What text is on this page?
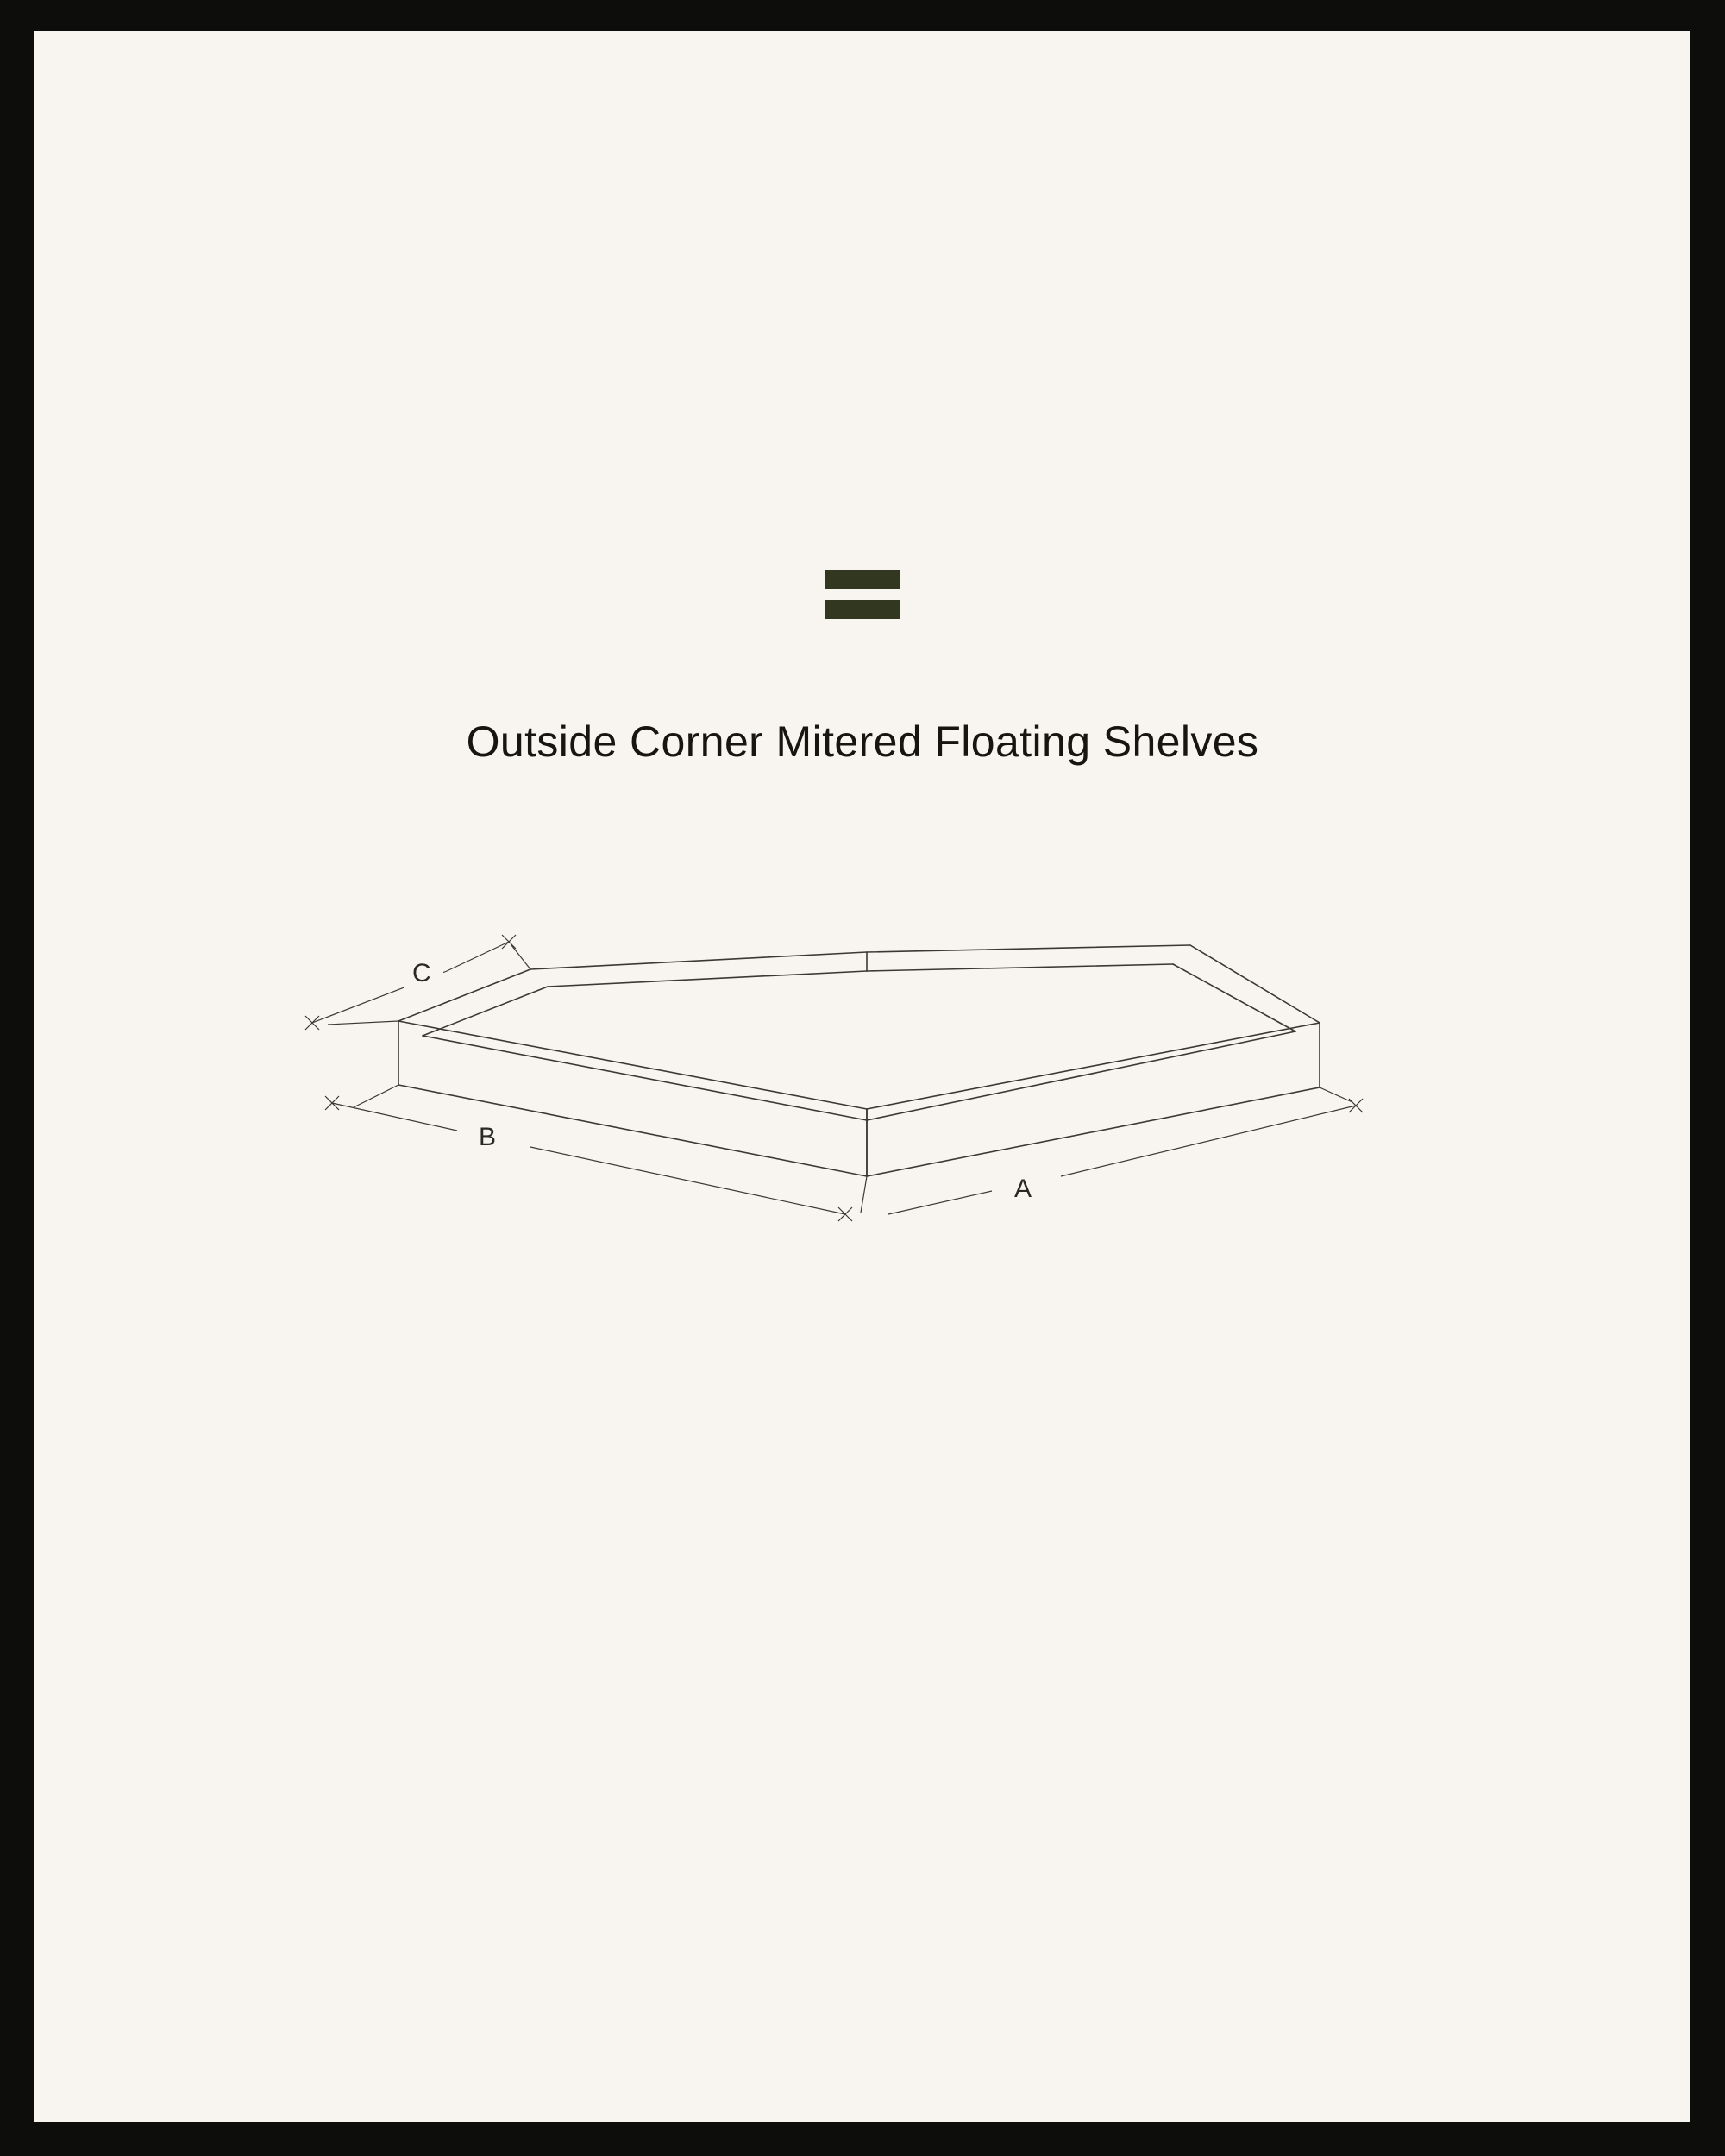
Outside Corner Mitered Floating Shelves
C
B
A
